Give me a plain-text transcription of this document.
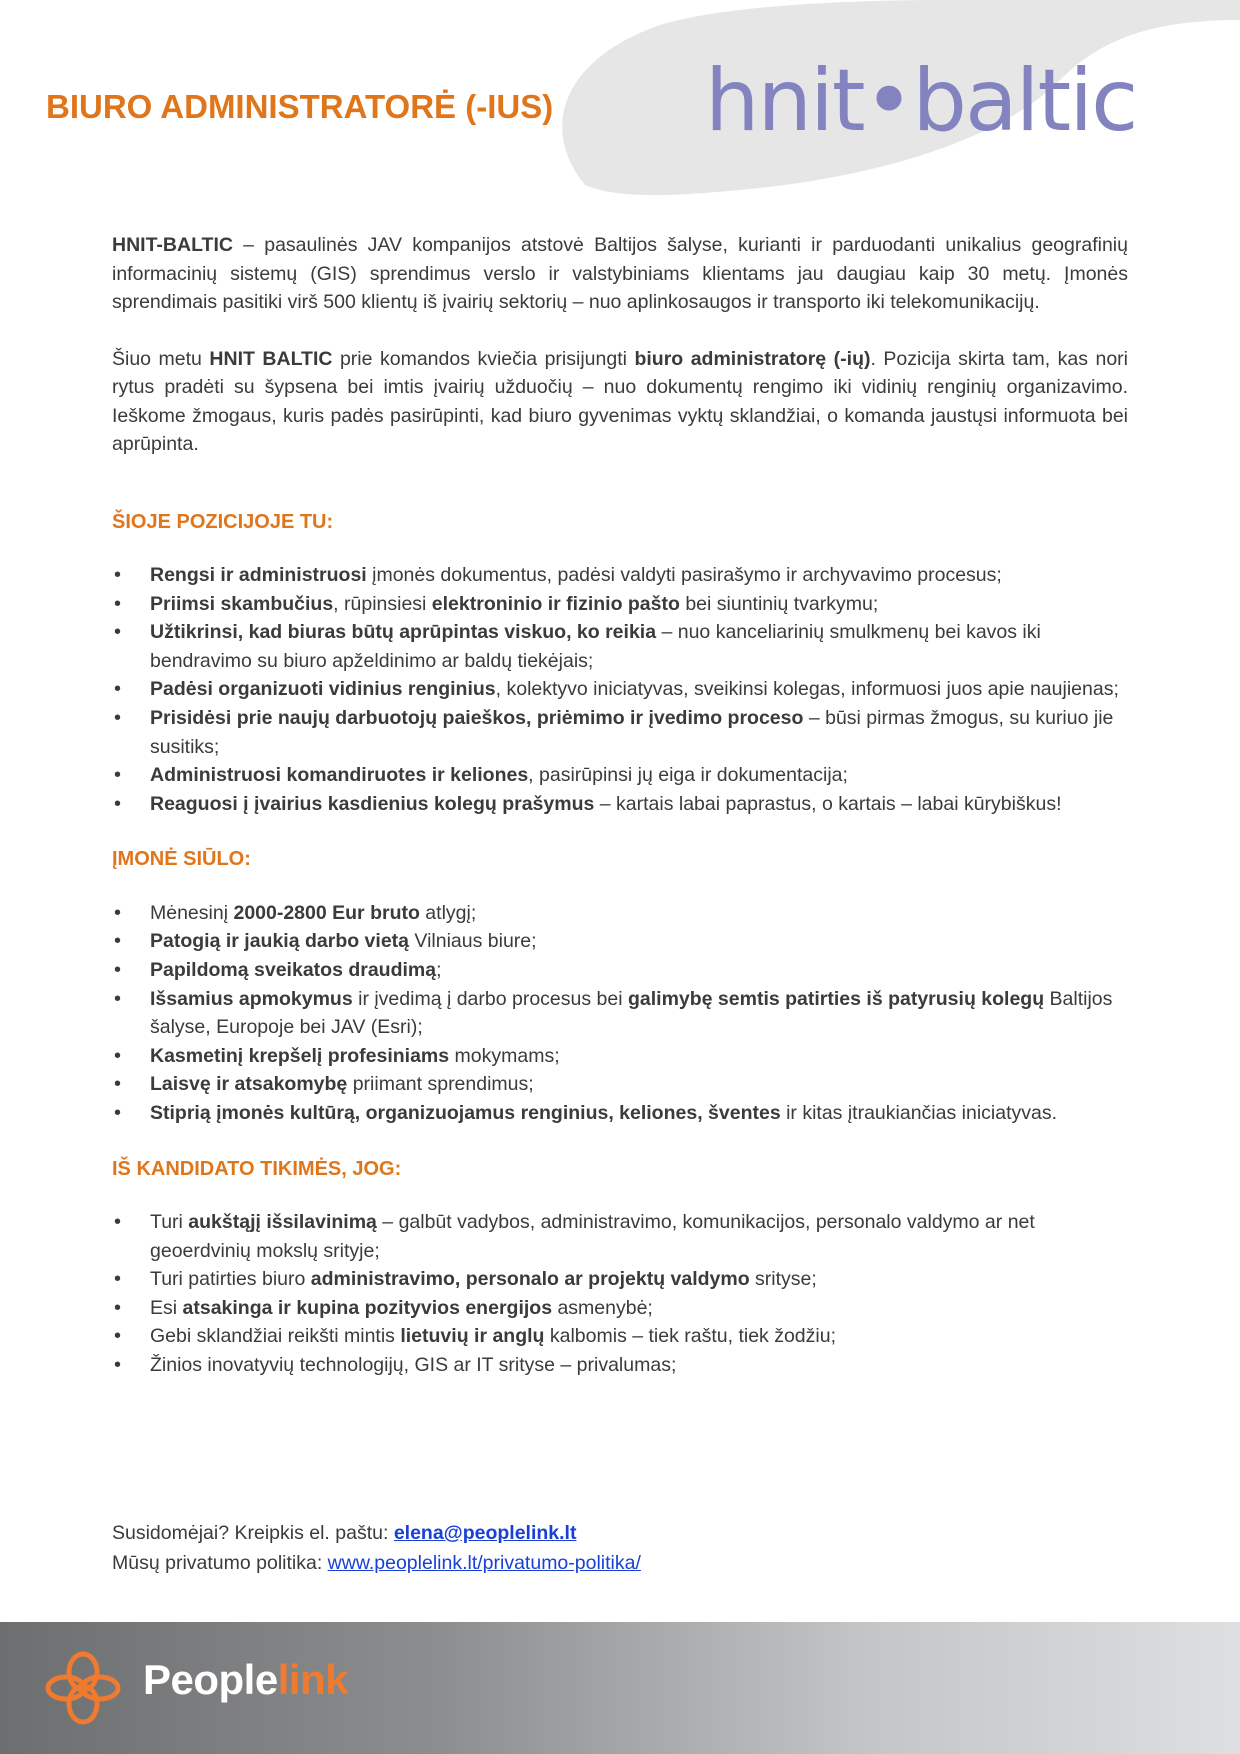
BIURO ADMINISTRATORĖ (-IUS) hnit•baltic

HNIT-BALTIC – pasaulinės JAV kompanijos atstovė Baltijos šalyse, kurianti ir parduodanti unikalius geografinių informacinių sistemų (GIS) sprendimus verslo ir valstybiniams klientams jau daugiau kaip 30 metų. Įmonės sprendimais pasitiki virš 500 klientų iš įvairių sektorių – nuo aplinkosaugos ir transporto iki telekomunikacijų.

Šiuo metu HNIT BALTIC prie komandos kviečia prisijungti biuro administratorę (-ių). Pozicija skirta tam, kas nori rytus pradėti su šypsena bei imtis įvairių užduočių – nuo dokumentų rengimo iki vidinių renginių organizavimo. Ieškome žmogaus, kuris padės pasirūpinti, kad biuro gyvenimas vyktų sklandžiai, o komanda jaustųsi informuota bei aprūpinta.

ŠIOJE POZICIJOJE TU:
• Rengsi ir administruosi įmonės dokumentus, padėsi valdyti pasirašymo ir archyvavimo procesus;
• Priimsi skambučius, rūpinsiesi elektroninio ir fizinio pašto bei siuntinių tvarkymu;
• Užtikrinsi, kad biuras būtų aprūpintas viskuo, ko reikia – nuo kanceliarinių smulkmenų bei kavos iki bendravimo su biuro apželdinimo ar baldų tiekėjais;
• Padėsi organizuoti vidinius renginius, kolektyvo iniciatyvas, sveikinsi kolegas, informuosi juos apie naujienas;
• Prisidėsi prie naujų darbuotojų paieškos, priėmimo ir įvedimo proceso – būsi pirmas žmogus, su kuriuo jie susitiks;
• Administruosi komandiruotes ir keliones, pasirūpinsi jų eiga ir dokumentacija;
• Reaguosi į įvairius kasdienius kolegų prašymus – kartais labai paprastus, o kartais – labai kūrybiškus!
ĮMONĖ SIŪLO:
• Mėnesinį 2000-2800 Eur bruto atlygį;
• Patogią ir jaukią darbo vietą Vilniaus biure;
• Papildomą sveikatos draudimą;
• Išsamius apmokymus ir įvedimą į darbo procesus bei galimybę semtis patirties iš patyrusių kolegų Baltijos šalyse, Europoje bei JAV (Esri);
• Kasmetinį krepšelį profesiniams mokymams;
• Laisvę ir atsakomybę priimant sprendimus;
• Stiprią įmonės kultūrą, organizuojamus renginius, keliones, šventes ir kitas įtraukiančias iniciatyvas.
IŠ KANDIDATO TIKIMĖS, JOG:
• Turi aukštąjį išsilavinimą – galbūt vadybos, administravimo, komunikacijos, personalo valdymo ar net geoerdvinių mokslų srityje;
• Turi patirties biuro administravimo, personalo ar projektų valdymo srityse;
• Esi atsakinga ir kupina pozityvios energijos asmenybė;
• Gebi sklandžiai reikšti mintis lietuvių ir anglų kalbomis – tiek raštu, tiek žodžiu;
• Žinios inovatyvių technologijų, GIS ar IT srityse – privalumas;
Susidomėjai? Kreipkis el. paštu: elena@peoplelink.lt
Mūsų privatumo politika: www.peoplelink.lt/privatumo-politika/
Peoplelink
